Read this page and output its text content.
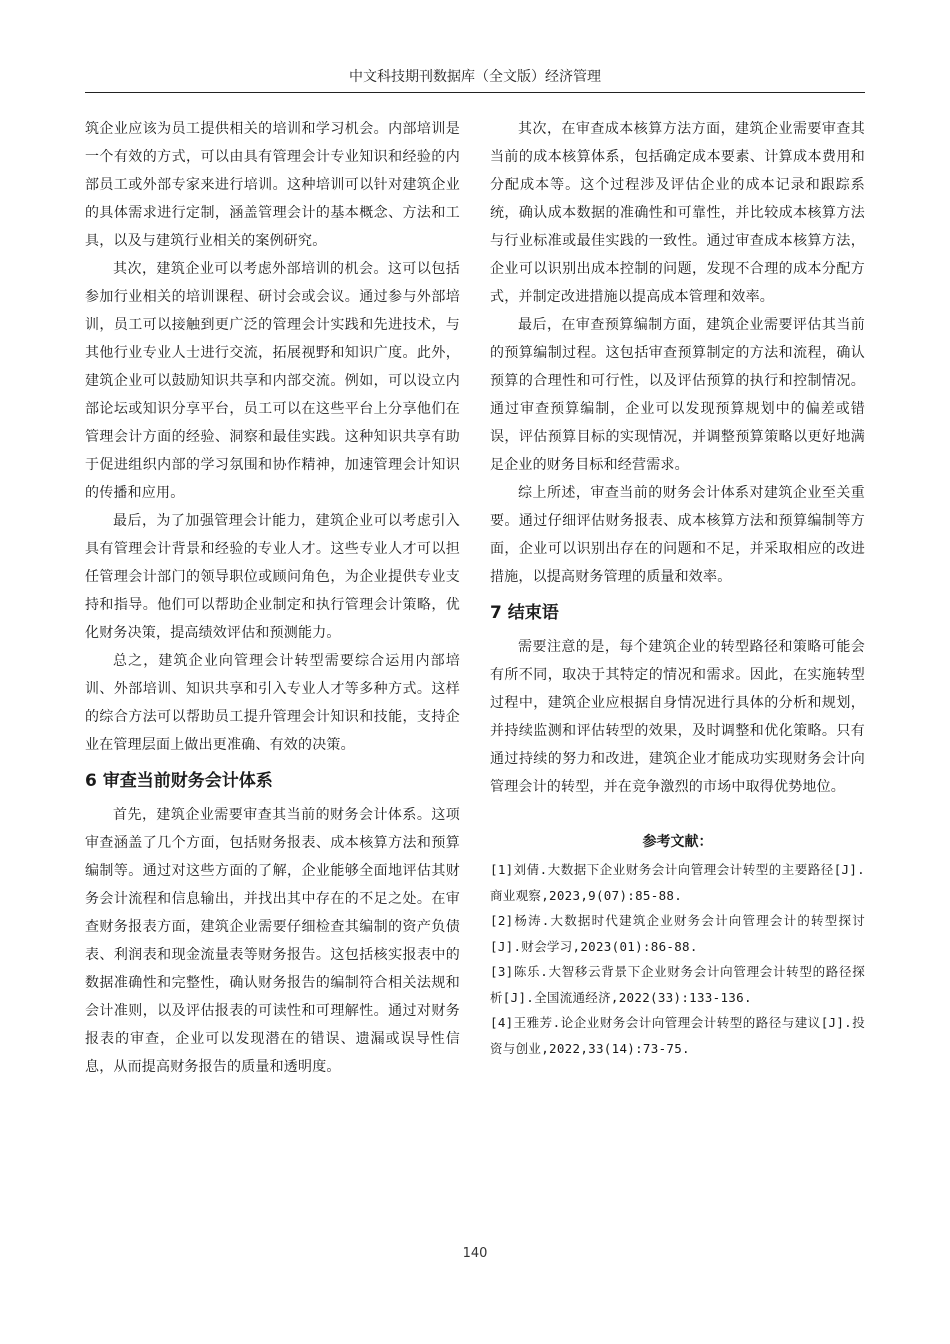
中文科技期刊数据库（全文版）经济管理

筑企业应该为员工提供相关的培训和学习机会。内部培训是一个有效的方式，可以由具有管理会计专业知识和经验的内部员工或外部专家来进行培训。这种培训可以针对建筑企业的具体需求进行定制，涵盖管理会计的基本概念、方法和工具，以及与建筑行业相关的案例研究。

其次，建筑企业可以考虑外部培训的机会。这可以包括参加行业相关的培训课程、研讨会或会议。通过参与外部培训，员工可以接触到更广泛的管理会计实践和先进技术，与其他行业专业人士进行交流，拓展视野和知识广度。此外，建筑企业可以鼓励知识共享和内部交流。例如，可以设立内部论坛或知识分享平台，员工可以在这些平台上分享他们在管理会计方面的经验、洞察和最佳实践。这种知识共享有助于促进组织内部的学习氛围和协作精神，加速管理会计知识的传播和应用。

最后，为了加强管理会计能力，建筑企业可以考虑引入具有管理会计背景和经验的专业人才。这些专业人才可以担任管理会计部门的领导职位或顾问角色，为企业提供专业支持和指导。他们可以帮助企业制定和执行管理会计策略，优化财务决策，提高绩效评估和预测能力。

总之，建筑企业向管理会计转型需要综合运用内部培训、外部培训、知识共享和引入专业人才等多种方式。这样的综合方法可以帮助员工提升管理会计知识和技能，支持企业在管理层面上做出更准确、有效的决策。

6 审查当前财务会计体系

首先，建筑企业需要审查其当前的财务会计体系。这项审查涵盖了几个方面，包括财务报表、成本核算方法和预算编制等。通过对这些方面的了解，企业能够全面地评估其财务会计流程和信息输出，并找出其中存在的不足之处。在审查财务报表方面，建筑企业需要仔细检查其编制的资产负债表、利润表和现金流量表等财务报告。这包括核实报表中的数据准确性和完整性，确认财务报告的编制符合相关法规和会计准则，以及评估报表的可读性和可理解性。通过对财务报表的审查，企业可以发现潜在的错误、遗漏或误导性信息，从而提高财务报告的质量和透明度。

其次，在审查成本核算方法方面，建筑企业需要审查其当前的成本核算体系，包括确定成本要素、计算成本费用和分配成本等。这个过程涉及评估企业的成本记录和跟踪系统，确认成本数据的准确性和可靠性，并比较成本核算方法与行业标准或最佳实践的一致性。通过审查成本核算方法，企业可以识别出成本控制的问题，发现不合理的成本分配方式，并制定改进措施以提高成本管理和效率。

最后，在审查预算编制方面，建筑企业需要评估其当前的预算编制过程。这包括审查预算制定的方法和流程，确认预算的合理性和可行性，以及评估预算的执行和控制情况。通过审查预算编制，企业可以发现预算规划中的偏差或错误，评估预算目标的实现情况，并调整预算策略以更好地满足企业的财务目标和经营需求。

综上所述，审查当前的财务会计体系对建筑企业至关重要。通过仔细评估财务报表、成本核算方法和预算编制等方面，企业可以识别出存在的问题和不足，并采取相应的改进措施，以提高财务管理的质量和效率。

7 结束语

需要注意的是，每个建筑企业的转型路径和策略可能会有所不同，取决于其特定的情况和需求。因此，在实施转型过程中，建筑企业应根据自身情况进行具体的分析和规划，并持续监测和评估转型的效果，及时调整和优化策略。只有通过持续的努力和改进，建筑企业才能成功实现财务会计向管理会计的转型，并在竞争激烈的市场中取得优势地位。

参考文献：

[1]刘倩.大数据下企业财务会计向管理会计转型的主要路径[J].商业观察,2023,9(07):85-88.

[2]杨涛.大数据时代建筑企业财务会计向管理会计的转型探讨[J].财会学习,2023(01):86-88.

[3]陈乐.大智移云背景下企业财务会计向管理会计转型的路径探析[J].全国流通经济,2022(33):133-136.

[4]王雅芳.论企业财务会计向管理会计转型的路径与建议[J].投资与创业,2022,33(14):73-75.

140
